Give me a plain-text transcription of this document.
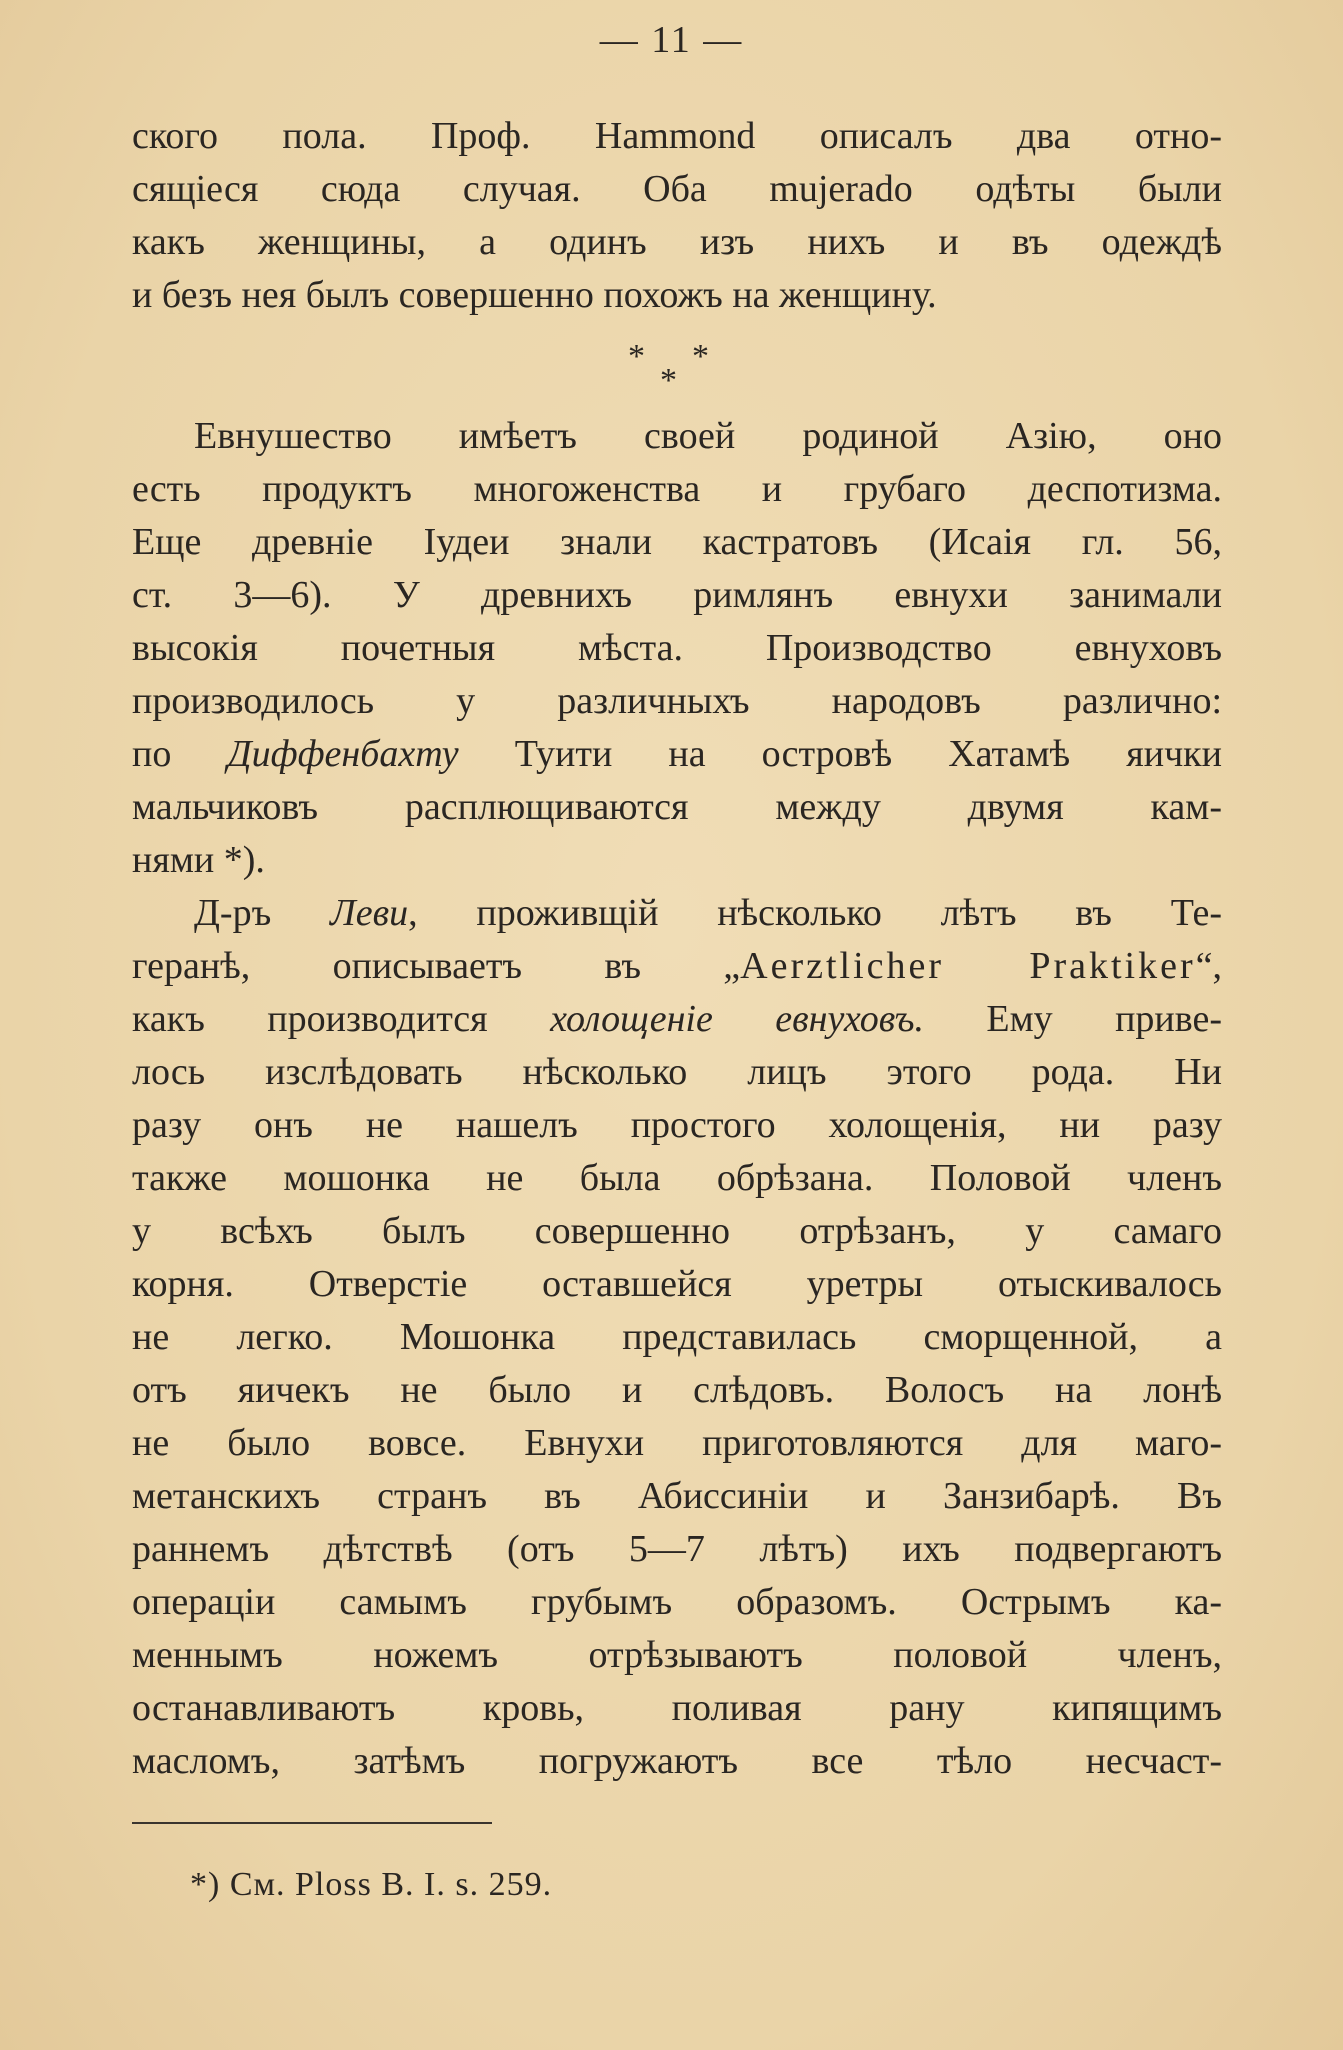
— 11 —
ского пола. Проф. Hammond описалъ два отно-
сящіеся сюда случая. Оба mujerado одѣты были
какъ женщины, а одинъ изъ нихъ и въ одеждѣ
и безъ нея былъ совершенно похожъ на женщину.
* *
*
Евнушество имѣетъ своей родиной Азію, оно
есть продуктъ многоженства и грубаго деспотизма.
Еще древніе Іудеи знали кастратовъ (Исаія гл. 56,
ст. 3—6). У древнихъ римлянъ евнухи занимали
высокія почетныя мѣста. Производство евнуховъ
производилось у различныхъ народовъ различно:
по Диффенбахту Туити на островѣ Хатамѣ яички
мальчиковъ расплющиваются между двумя кам-
нями *).
Д-ръ Леви, проживщій нѣсколько лѣтъ въ Те-
геранѣ, описываетъ въ „Aerztlicher Praktiker“,
какъ производится холощеніе евнуховъ. Ему приве-
лось изслѣдовать нѣсколько лицъ этого рода. Ни
разу онъ не нашелъ простого холощенія, ни разу
также мошонка не была обрѣзана. Половой членъ
у всѣхъ былъ совершенно отрѣзанъ, у самаго
корня. Отверстіе оставшейся уретры отыскивалось
не легко. Мошонка представилась сморщенной, а
отъ яичекъ не было и слѣдовъ. Волосъ на лонѣ
не было вовсе. Евнухи приготовляются для маго-
метанскихъ странъ въ Абиссиніи и Занзибарѣ. Въ
раннемъ дѣтствѣ (отъ 5—7 лѣтъ) ихъ подвергаютъ
операціи самымъ грубымъ образомъ. Острымъ ка-
меннымъ ножемъ отрѣзываютъ половой членъ,
останавливаютъ кровь, поливая рану кипящимъ
масломъ, затѣмъ погружаютъ все тѣло несчаст-
*) См. Ploss B. I. s. 259.
